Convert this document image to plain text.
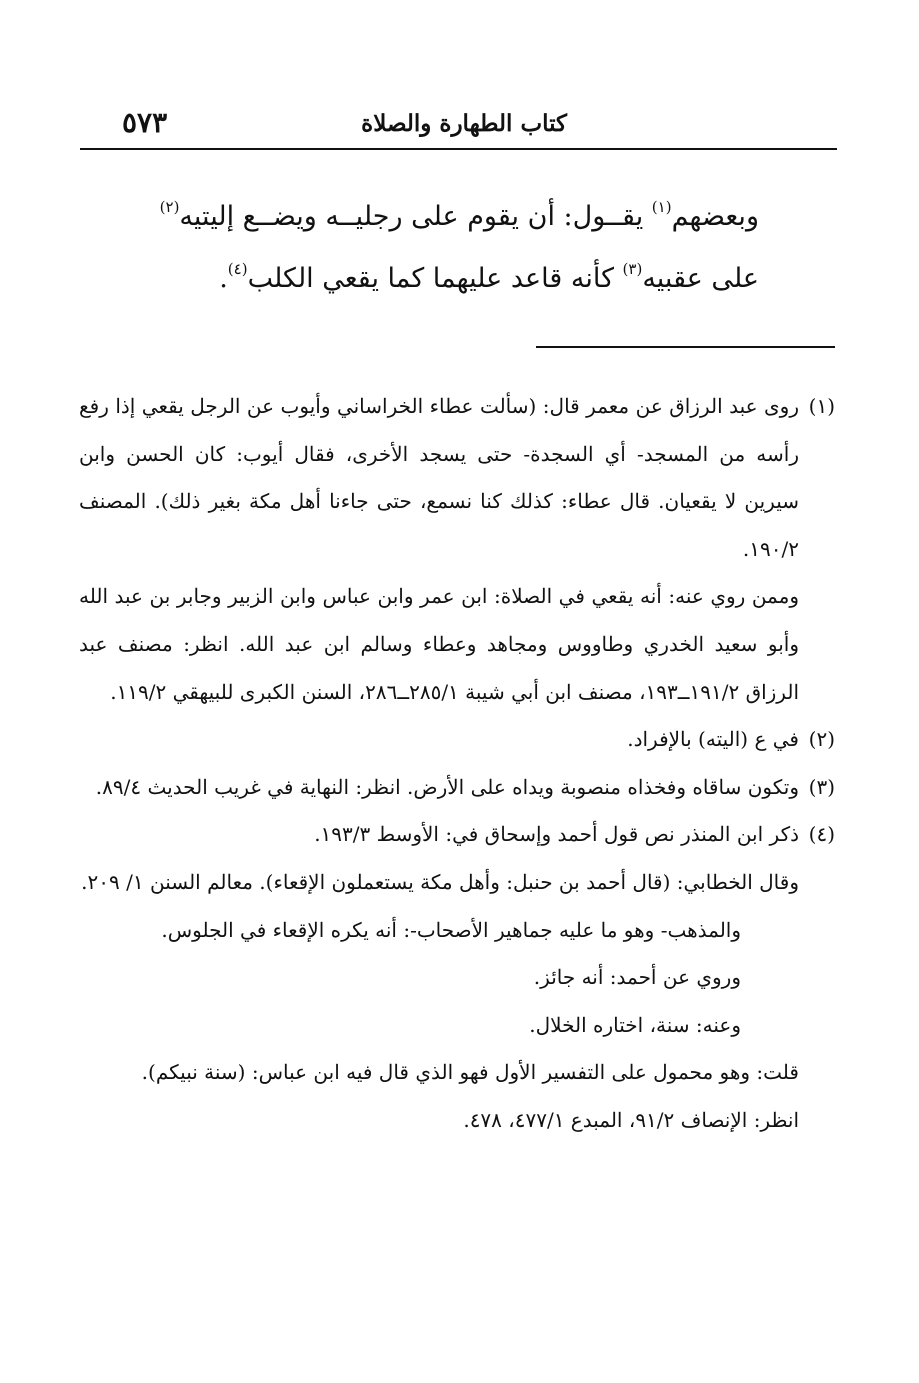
كتاب الطهارة والصلاة
٥٧٣

وبعضهم$^{(١)}$ يقــول: أن يقوم على رجليــه ويضــع إليتيه$^{(٢)}$

على عقبيه$^{(٣)}$ كأنه قاعد عليهما كما يقعي الكلب$^{(٤)}$.

(١)
روى عبد الرزاق عن معمر قال: (سألت عطاء الخراساني وأيوب عن الرجل يقعي إذا رفع رأسه من المسجد- أي السجدة- حتى يسجد الأخرى، فقال أيوب: كان الحسن وابن سيرين لا يقعيان. قال عطاء: كذلك كنا نسمع، حتى جاءنا أهل مكة بغير ذلك). المصنف ١٩٠/٢.

وممن روي عنه: أنه يقعي في الصلاة: ابن عمر وابن عباس وابن الزبير وجابر بن عبد الله وأبو سعيد الخدري وطاووس ومجاهد وعطاء وسالم ابن عبد الله. انظر: مصنف عبد الرزاق ١٩١/٢ــ١٩٣، مصنف ابن أبي شيبة ٢٨٥/١ــ٢٨٦، السنن الكبرى للبيهقي ١١٩/٢.

(٢)
في ع (اليته) بالإفراد.

(٣)
وتكون ساقاه وفخذاه منصوبة ويداه على الأرض. انظر: النهاية في غريب الحديث ٨٩/٤.

(٤)
ذكر ابن المنذر نص قول أحمد وإسحاق في: الأوسط ١٩٣/٣.

وقال الخطابي: (قال أحمد بن حنبل: وأهل مكة يستعملون الإقعاء). معالم السنن ١/ ٢٠٩.

والمذهب- وهو ما عليه جماهير الأصحاب-: أنه يكره الإقعاء في الجلوس.

وروي عن أحمد: أنه جائز.

وعنه: سنة، اختاره الخلال.

قلت: وهو محمول على التفسير الأول فهو الذي قال فيه ابن عباس: (سنة نبيكم).

انظر: الإنصاف ٩١/٢، المبدع ٤٧٧/١، ٤٧٨.
